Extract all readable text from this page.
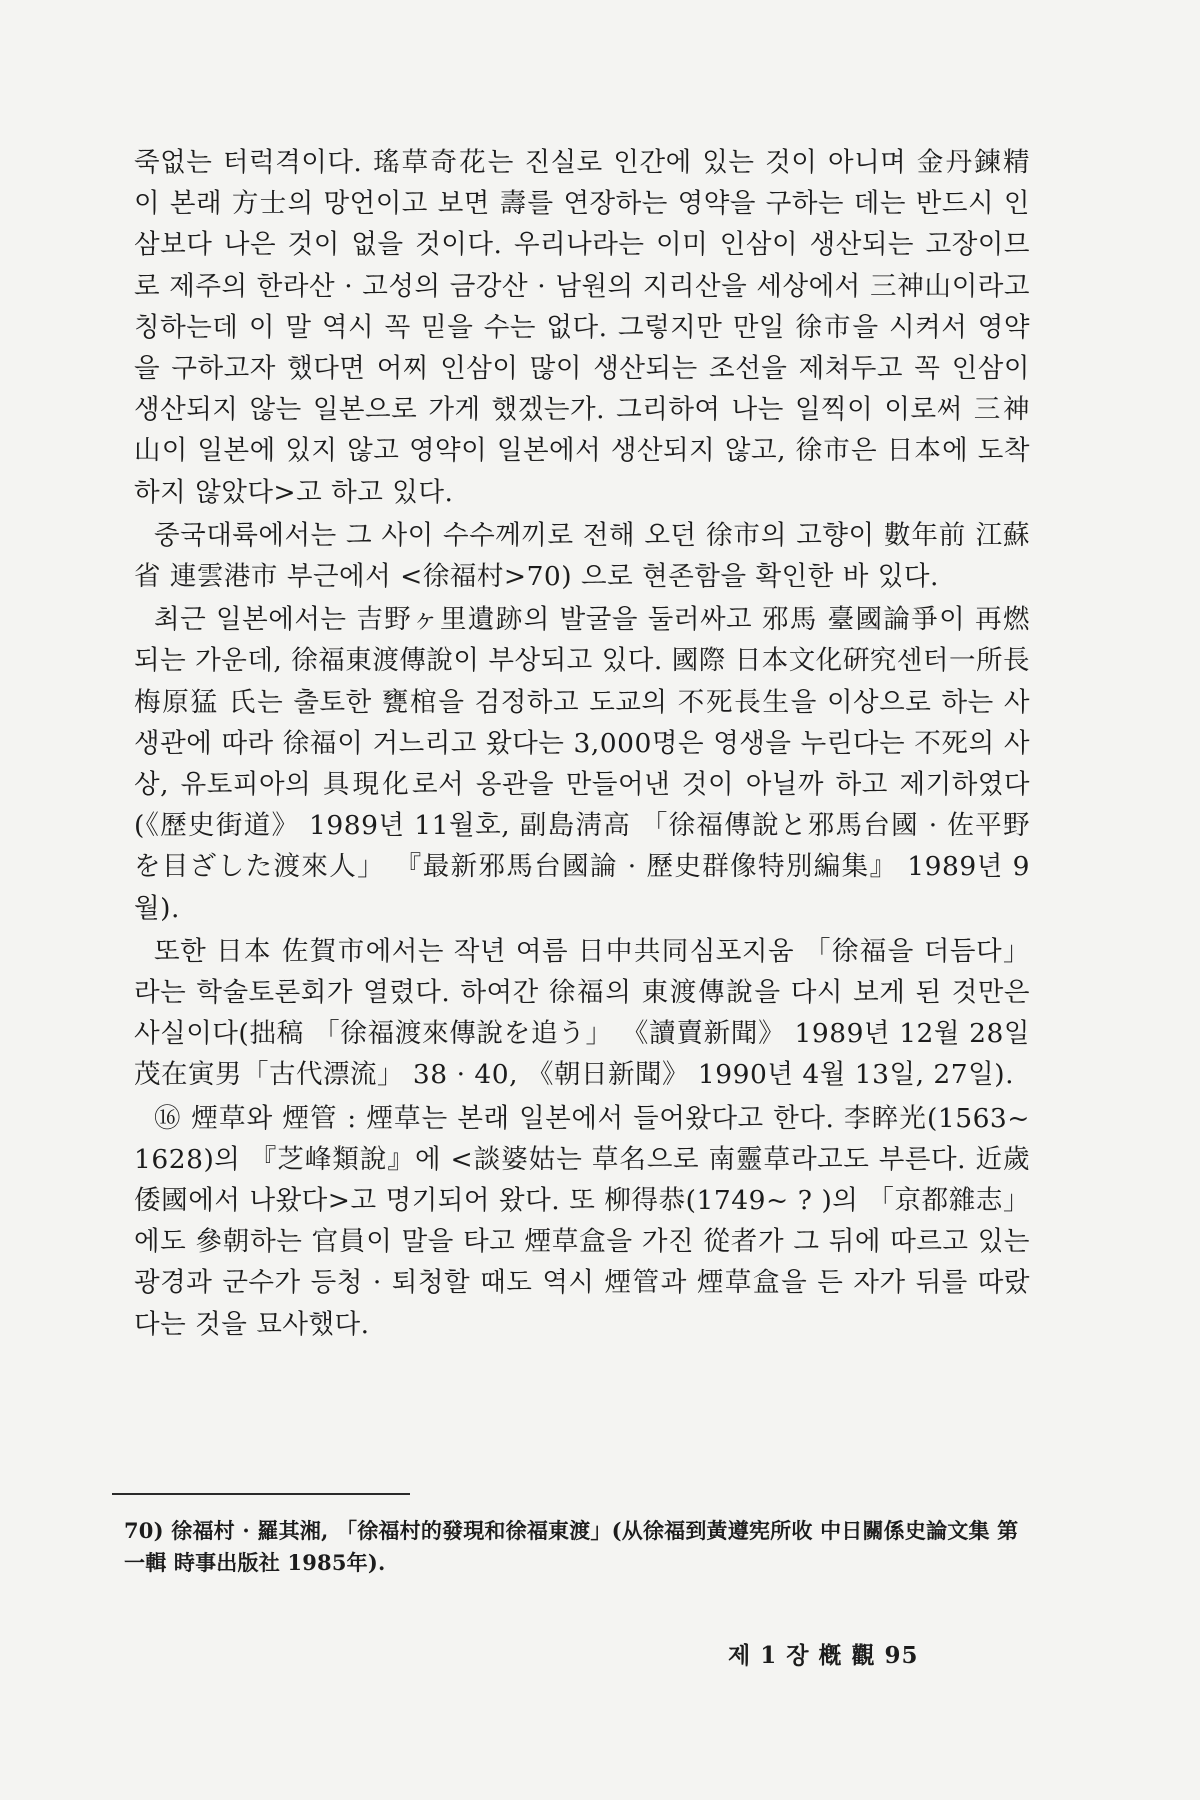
죽없는 터럭격이다. 瑤草奇花는 진실로 인간에 있는 것이 아니며 金丹鍊精이 본래 方士의 망언이고 보면 壽를 연장하는 영약을 구하는 데는 반드시 인삼보다 나은 것이 없을 것이다. 우리나라는 이미 인삼이 생산되는 고장이므로 제주의 한라산 · 고성의 금강산 · 남원의 지리산을 세상에서 三神山이라고 칭하는데 이 말 역시 꼭 믿을 수는 없다. 그렇지만 만일 徐市을 시켜서 영약을 구하고자 했다면 어찌 인삼이 많이 생산되는 조선을 제쳐두고 꼭 인삼이 생산되지 않는 일본으로 가게 했겠는가. 그리하여 나는 일찍이 이로써 三神山이 일본에 있지 않고 영약이 일본에서 생산되지 않고, 徐市은 日本에 도착하지 않았다>고 하고 있다.

중국대륙에서는 그 사이 수수께끼로 전해 오던 徐市의 고향이 數年前 江蘇省 連雲港市 부근에서 <徐福村>70) 으로 현존함을 확인한 바 있다.

최근 일본에서는 吉野ヶ里遺跡의 발굴을 둘러싸고 邪馬 臺國論爭이 再燃되는 가운데, 徐福東渡傳說이 부상되고 있다. 國際 日本文化硏究센터一所長 梅原猛 氏는 출토한 甕棺을 검정하고 도교의 不死長生을 이상으로 하는 사생관에 따라 徐福이 거느리고 왔다는 3,000명은 영생을 누린다는 不死의 사상, 유토피아의 具現化로서 옹관을 만들어낸 것이 아닐까 하고 제기하였다(《歷史街道》 1989년 11월호, 副島淸高 「徐福傳說と邪馬台國 · 佐平野を目ざした渡來人」 『最新邪馬台國論 · 歷史群像特別編集』 1989년 9월).

또한 日本 佐賀市에서는 작년 여름 日中共同심포지움 「徐福을 더듬다」라는 학술토론회가 열렸다. 하여간 徐福의 東渡傳說을 다시 보게 된 것만은 사실이다(拙稿 「徐福渡來傳說を追う」 《讀賣新聞》 1989년 12월 28일 茂在寅男「古代漂流」 38 · 40, 《朝日新聞》 1990년 4월 13일, 27일).

⑯ 煙草와 煙管 : 煙草는 본래 일본에서 들어왔다고 한다. 李睟光(1563~1628)의 『芝峰類說』에 <談婆姑는 草名으로 南靈草라고도 부른다. 近歲 倭國에서 나왔다>고 명기되어 왔다. 또 柳得恭(1749~ ? )의 「京都雜志」에도 參朝하는 官員이 말을 타고 煙草盒을 가진 從者가 그 뒤에 따르고 있는 광경과 군수가 등청 · 퇴청할 때도 역시 煙管과 煙草盒을 든 자가 뒤를 따랐다는 것을 묘사했다.

70) 徐福村 · 羅其湘, 「徐福村的發現和徐福東渡」(从徐福到黃遵宪所收 中日關係史論文集 第一輯 時事出版社 1985年).

제 1 장 槪 觀 95
